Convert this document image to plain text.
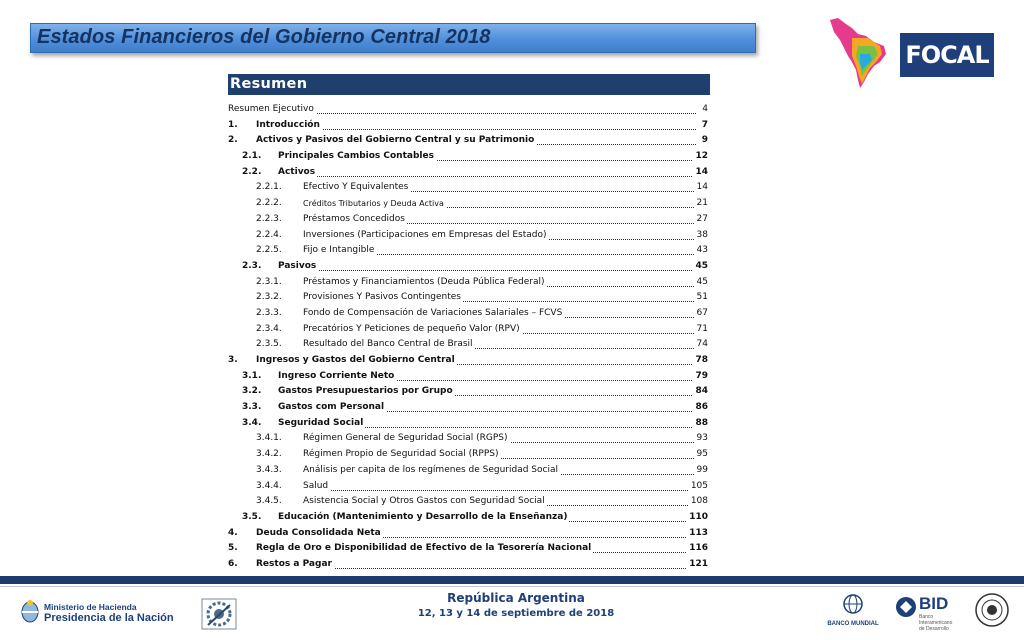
Estados Financieros del Gobierno Central 2018
FOCAL
Resumen
Resumen Ejecutivo	4
1. Introducción	7
2. Activos y Pasivos del Gobierno Central y su Patrimonio	9
2.1. Principales Cambios Contables	12
2.2. Activos	14
2.2.1. Efectivo Y Equivalentes	14
2.2.2.	Créditos Tributarios y Deuda Activa	21
2.2.3. Préstamos Concedidos	27
2.2.4. Inversiones (Participaciones em Empresas del Estado)	38
2.2.5. Fijo e Intangible	43
2.3. Pasivos	45
2.3.1. Préstamos y Financiamientos (Deuda Pública Federal)	45
2.3.2. Provisiones Y Pasivos Contingentes	51
2.3.3. Fondo de Compensación de Variaciones Salariales – FCVS	67
2.3.4. Precatórios Y Peticiones de pequeño Valor (RPV)	71
2.3.5. Resultado del Banco Central de Brasil	74
3. Ingresos y Gastos del Gobierno Central	78
3.1. Ingreso Corriente Neto	79
3.2. Gastos Presupuestarios por Grupo	84
3.3. Gastos com Personal	86
3.4. Seguridad Social	88
3.4.1. Régimen General de Seguridad Social (RGPS)	93
3.4.2. Régimen Propio de Seguridad Social (RPPS)	95
3.4.3. Análisis per capita de los regímenes de Seguridad Social	99
3.4.4. Salud	105
3.4.5. Asistencia Social y Otros Gastos con Seguridad Social	108
3.5. Educación (Mantenimiento y Desarrollo de la Enseñanza)	110
4. Deuda Consolidada Neta	113
5. Regla de Oro e Disponibilidad de Efectivo de la Tesorería Nacional	116
6. Restos a Pagar	121
Ministerio de Hacienda
Presidencia de la Nación
República Argentina
12, 13 y 14 de septiembre de 2018
BANCO MUNDIAL
BID
Banco Interamericano de Desarrollo
